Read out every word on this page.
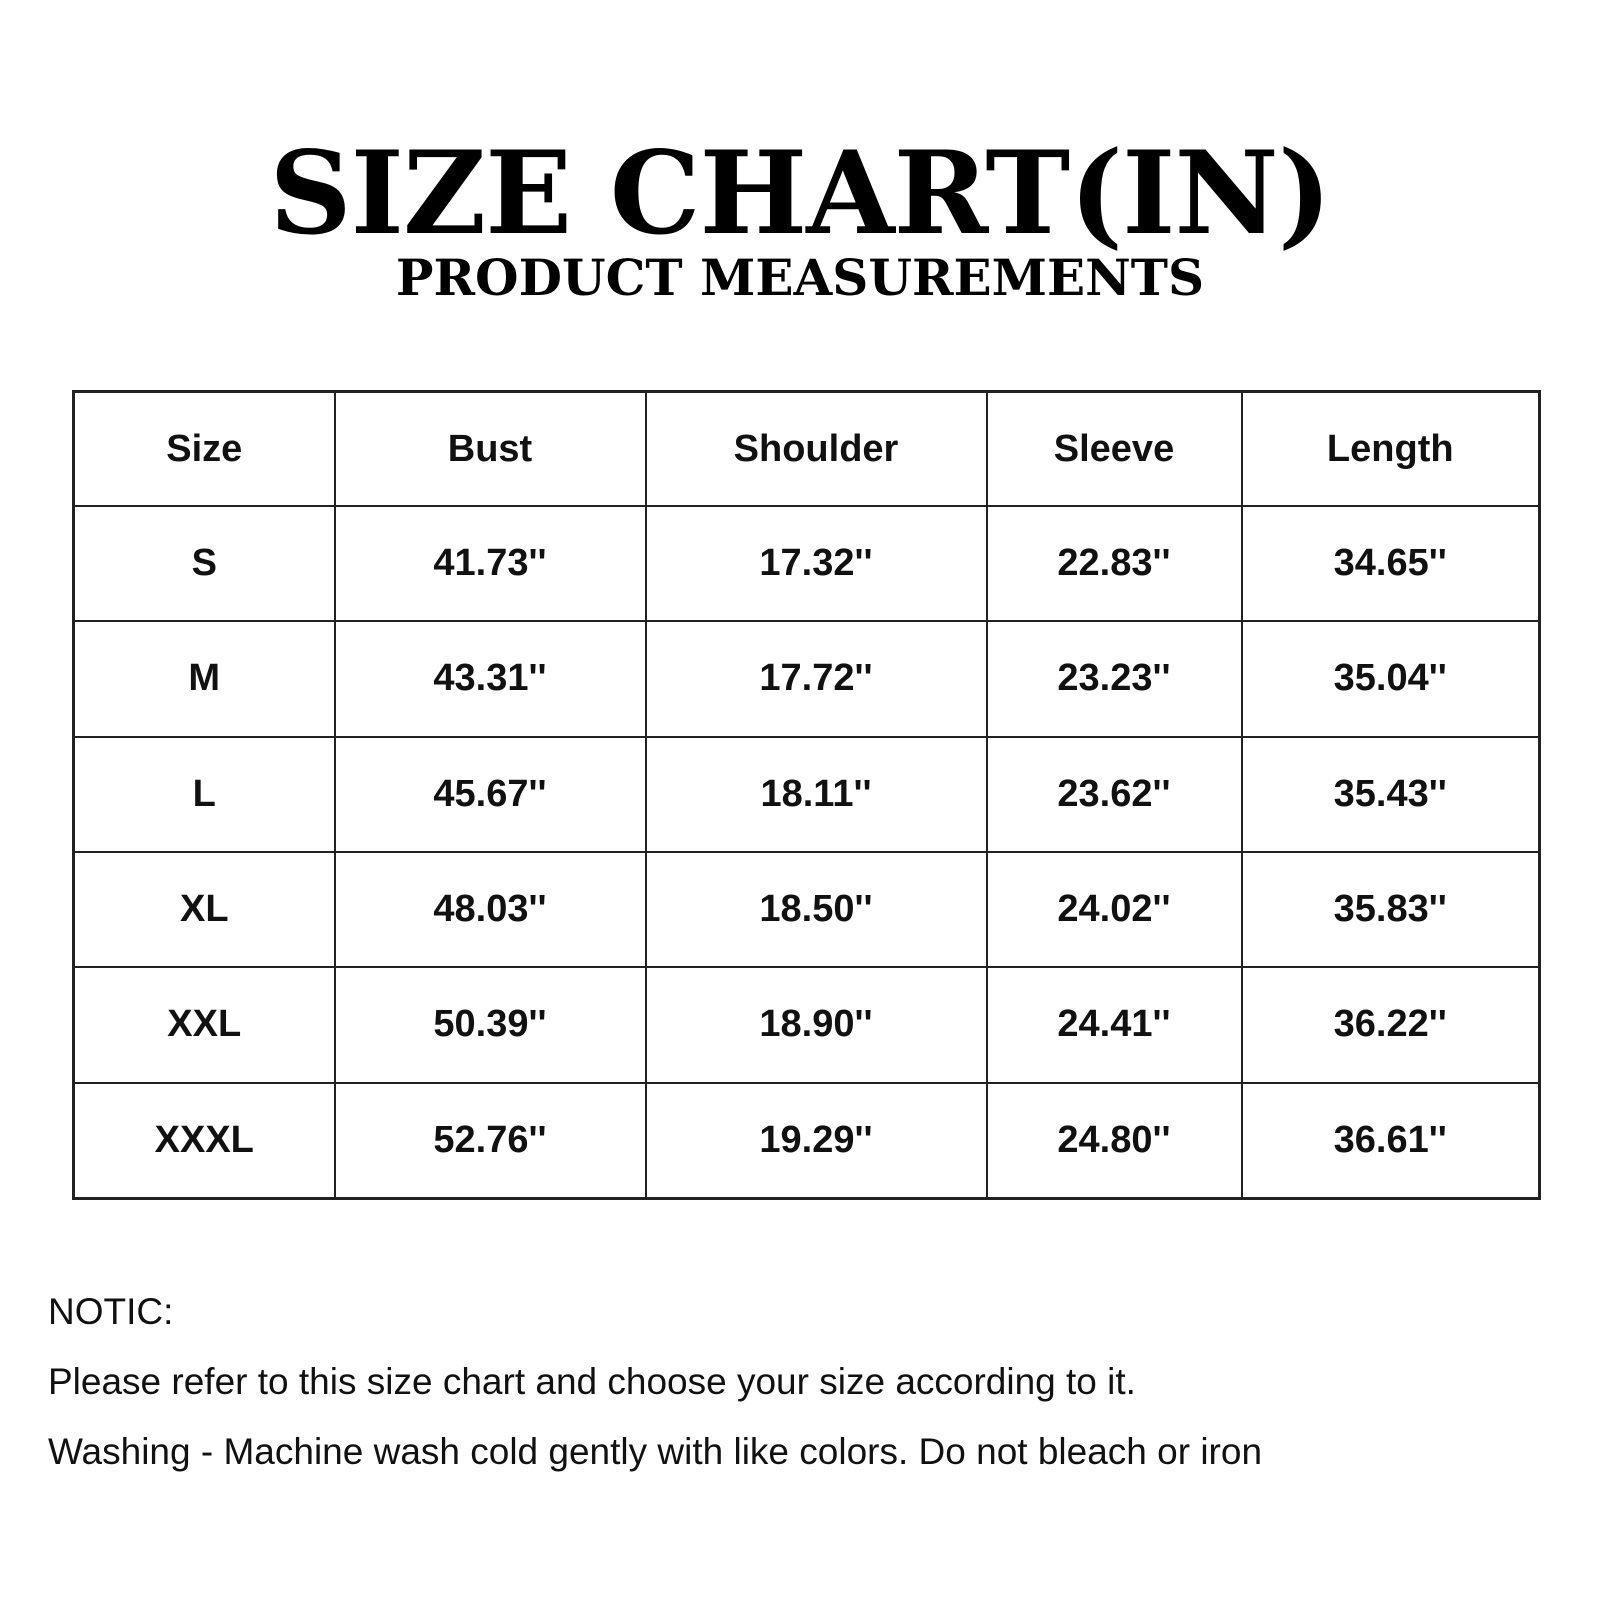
SIZE CHART(IN)
PRODUCT MEASUREMENTS
Size	Bust	Shoulder	Sleeve	Length
S	41.73''	17.32''	22.83''	34.65''
M	43.31''	17.72''	23.23''	35.04''
L	45.67''	18.11''	23.62''	35.43''
XL	48.03''	18.50''	24.02''	35.83''
XXL	50.39''	18.90''	24.41''	36.22''
XXXL	52.76''	19.29''	24.80''	36.61''
NOTIC:
Please refer to this size chart and choose your size according to it.
Washing - Machine wash cold gently with like colors. Do not bleach or iron
